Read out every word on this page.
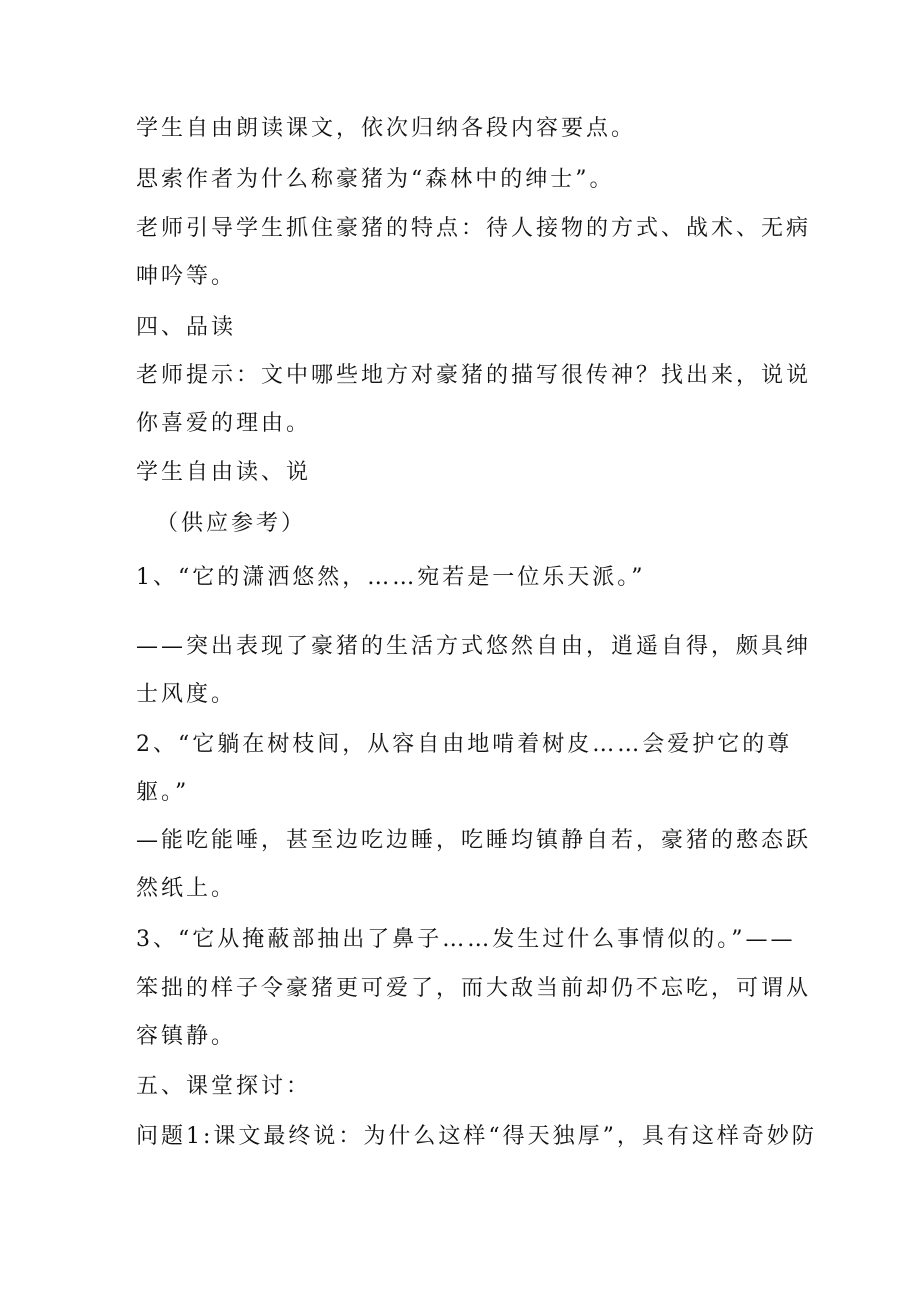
学生自由朗读课文，依次归纳各段内容要点。
思索作者为什么称豪猪为“森林中的绅士”。
老师引导学生抓住豪猪的特点：待人接物的方式、战术、无病
呻吟等。
四、品读
老师提示：文中哪些地方对豪猪的描写很传神？找出来，说说
你喜爱的理由。
学生自由读、说
（供应参考）
1、“它的潇洒悠然，……宛若是一位乐天派。”
——突出表现了豪猪的生活方式悠然自由，逍遥自得，颇具绅
士风度。
2、“它躺在树枝间，从容自由地啃着树皮……会爱护它的尊
躯。”
—能吃能唾，甚至边吃边睡，吃睡均镇静自若，豪猪的憨态跃
然纸上。
3、“它从掩蔽部抽出了鼻子……发生过什么事情似的。”——
笨拙的样子令豪猪更可爱了，而大敌当前却仍不忘吃，可谓从
容镇静。
五、课堂探讨：
问题1:课文最终说：为什么这样“得天独厚”，具有这样奇妙防
